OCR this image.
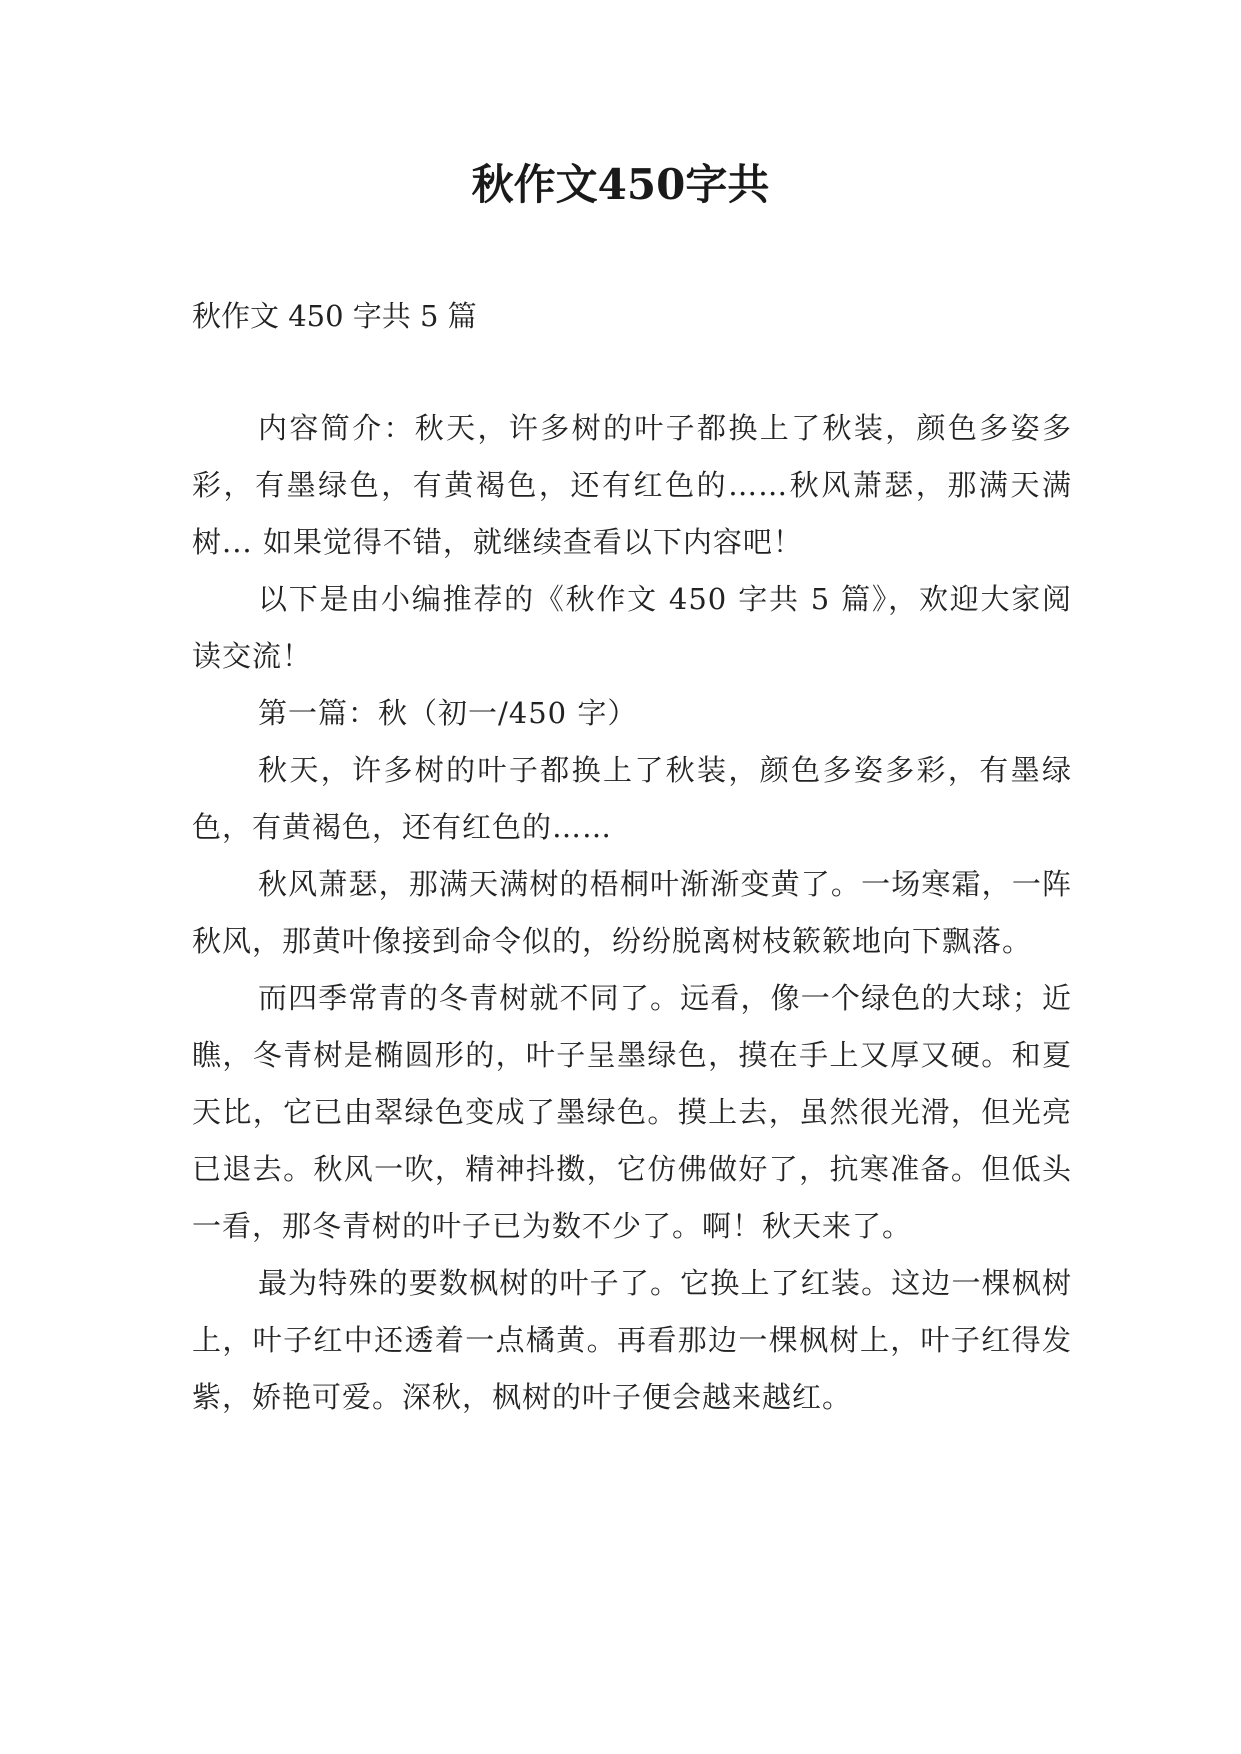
秋作文450字共
秋作文 450 字共 5 篇

内容简介：秋天，许多树的叶子都换上了秋装，颜色多姿多彩，有墨绿色，有黄褐色，还有红色的……秋风萧瑟，那满天满树... 如果觉得不错，就继续查看以下内容吧！

以下是由小编推荐的《秋作文 450 字共 5 篇》，欢迎大家阅读交流！

第一篇：秋（初一/450 字）

秋天，许多树的叶子都换上了秋装，颜色多姿多彩，有墨绿色，有黄褐色，还有红色的……

秋风萧瑟，那满天满树的梧桐叶渐渐变黄了。一场寒霜，一阵秋风，那黄叶像接到命令似的，纷纷脱离树枝簌簌地向下飘落。

而四季常青的冬青树就不同了。远看，像一个绿色的大球；近瞧，冬青树是椭圆形的，叶子呈墨绿色，摸在手上又厚又硬。和夏天比，它已由翠绿色变成了墨绿色。摸上去，虽然很光滑，但光亮已退去。秋风一吹，精神抖擞，它仿佛做好了，抗寒准备。但低头一看，那冬青树的叶子已为数不少了。啊！秋天来了。

最为特殊的要数枫树的叶子了。它换上了红装。这边一棵枫树上，叶子红中还透着一点橘黄。再看那边一棵枫树上，叶子红得发紫，娇艳可爱。深秋，枫树的叶子便会越来越红。
